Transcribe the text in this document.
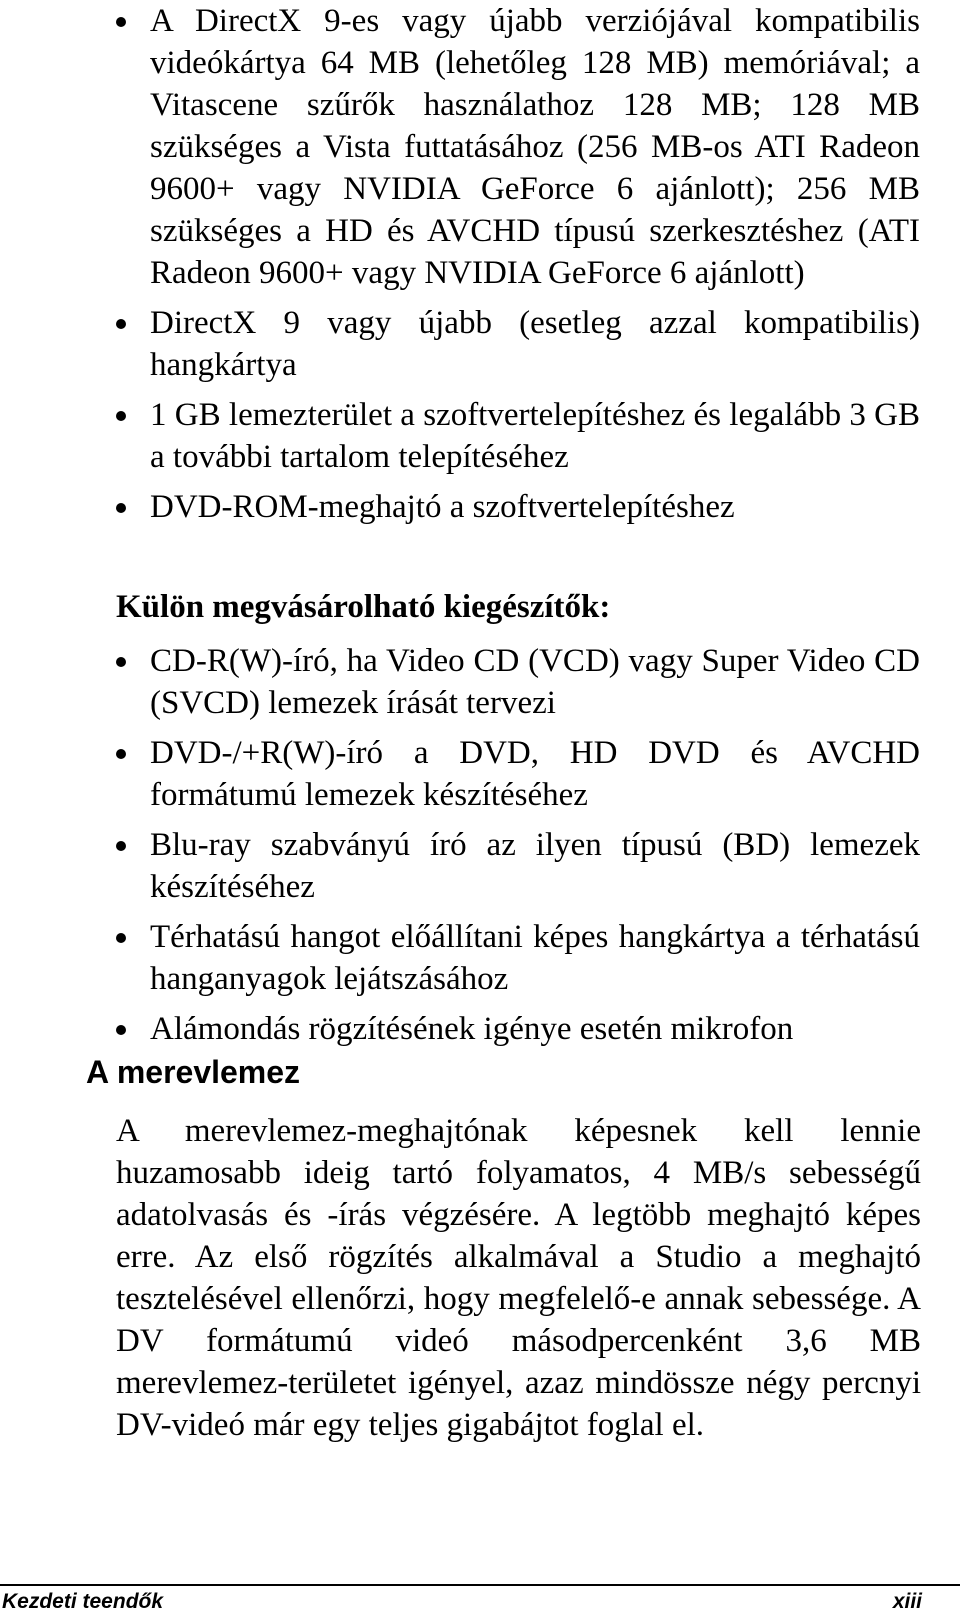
A DirectX 9-es vagy újabb verziójával kompatibilis videókártya 64 MB (lehetőleg 128 MB) memóriával; a Vitascene szűrők használathoz 128 MB; 128 MB szükséges a Vista futtatásához (256 MB-os ATI Radeon 9600+ vagy NVIDIA GeForce 6 ajánlott); 256 MB szükséges a HD és AVCHD típusú szerkesztéshez (ATI Radeon 9600+ vagy NVIDIA GeForce 6 ajánlott)
DirectX 9 vagy újabb (esetleg azzal kompatibilis) hangkártya
1 GB lemezterület a szoftvertelepítéshez és legalább 3 GB a további tartalom telepítéséhez
DVD-ROM-meghajtó a szoftvertelepítéshez
Külön megvásárolható kiegészítők:
CD-R(W)-író, ha Video CD (VCD) vagy Super Video CD (SVCD) lemezek írását tervezi
DVD-/+R(W)-író a DVD, HD DVD és AVCHD formátumú lemezek készítéséhez
Blu-ray szabványú író az ilyen típusú (BD) lemezek készítéséhez
Térhatású hangot előállítani képes hangkártya a térhatású hanganyagok lejátszásához
Alámondás rögzítésének igénye esetén mikrofon
A merevlemez

A merevlemez-meghajtónak képesnek kell lennie huzamosabb ideig tartó folyamatos, 4 MB/s sebességű adatolvasás és -írás végzésére. A legtöbb meghajtó képes erre. Az első rögzítés alkalmával a Studio a meghajtó tesztelésével ellenőrzi, hogy megfelelő-e annak sebessége. A DV formátumú videó másodpercenként 3,6 MB merevlemez-területet igényel, azaz mindössze négy percnyi DV-videó már egy teljes gigabájtot foglal el.

Kezdeti teendők	xiii
